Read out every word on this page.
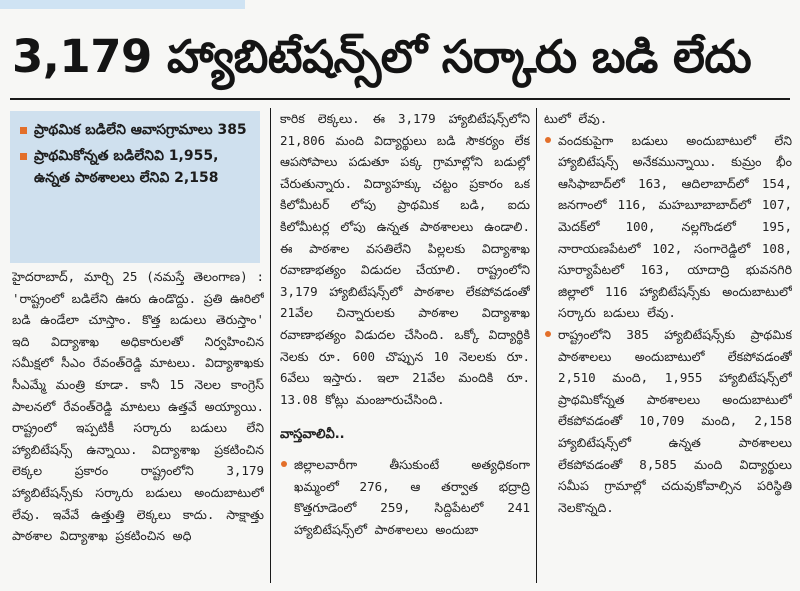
3,179 హ్యాబిటేషన్స్‌లో సర్కారు బడి లేదు
ప్రాథమిక బడిలేని ఆవాసగ్రామాలు 385
ప్రాథమికోన్నత బడిలేనివి 1,955, ఉన్నత పాఠశాలలు లేనివి 2,158

హైదరాబాద్, మార్చి 25 (నమస్తే తెలంగాణ) : 'రాష్ట్రంలో బడిలేని ఊరు ఉండొద్దు. ప్రతి ఊరిలో బడి ఉండేలా చూస్తాం. కొత్త బడులు తెరుస్తాం' ఇది విద్యాశాఖ అధికారులతో నిర్వహించిన సమీక్షలో సీఎం రేవంత్‌రెడ్డి మాటలు. విద్యాశాఖకు సీఎమ్మే మంత్రి కూడా. కానీ 15 నెలల కాంగ్రెస్ పాలనలో రేవంత్‌రెడ్డి మాటలు ఉత్తవే అయ్యాయి. రాష్ట్రంలో ఇప్పటికీ సర్కారు బడులు లేని హ్యాబిటేషన్స్ ఉన్నాయి. విద్యాశాఖ ప్రకటించిన లెక్కల ప్రకారం రాష్ట్రంలోని 3,179 హ్యాబిటేషన్స్‌కు సర్కారు బడులు అందుబాటులో లేవు. ఇవేవే ఉత్తుత్తి లెక్కలు కాదు. సాక్షాత్తు పాఠశాల విద్యాశాఖ ప్రకటించిన అధి

కారిక లెక్కలు. ఈ 3,179 హ్యాబిటేషన్స్‌లోని 21,806 మంది విద్యార్థులు బడి సౌకర్యం లేక ఆపసోపాలు పడుతూ పక్క గ్రామాల్లోని బడుల్లో చేరుతున్నారు. విద్యాహక్కు చట్టం ప్రకారం ఒక కిలోమీటర్ లోపు ప్రాథమిక బడి, ఐదు కిలోమీటర్ల లోపు ఉన్నత పాఠశాలలు ఉండాలి. ఈ పాఠశాల వసతిలేని పిల్లలకు విద్యాశాఖ రవాణాభత్యం విడుదల చేయాలి. రాష్ట్రంలోని 3,179 హ్యాబిటేషన్స్‌లో పాఠశాల లేకపోవడంతో 21వేల చిన్నారులకు పాఠశాల విద్యాశాఖ రవాణాభత్యం విడుదల చేసింది. ఒక్కో విద్యార్థికి నెలకు రూ. 600 చొప్పున 10 నెలలకు రూ. 6వేలు ఇస్తారు. ఇలా 21వేల మందికి రూ. 13.08 కోట్లు మంజూరుచేసింది.

వాస్తవాలివీ..

జిల్లాలవారీగా తీసుకుంటే అత్యధికంగా ఖమ్మంలో 276, ఆ తర్వాత భద్రాద్రి కొత్తగూడెంలో 259, సిద్దిపేటలో 241 హ్యాబిటేషన్స్‌లో పాఠశాలలు అందుబా

టులో లేవు.

వందకుపైగా బడులు అందుబాటులో లేని హ్యాబిటేషన్స్ అనేకమున్నాయి. కుమ్రం భీం ఆసిఫాబాద్‌లో 163, ఆదిలాబాద్‌లో 154, జనగాంలో 116, మహబూబాబాద్‌లో 107, మెదక్‌లో 100, నల్లగొండలో 195, నారాయణపేటలో 102, సంగారెడ్డిలో 108, సూర్యాపేటలో 163, యాదాద్రి భువనగిరి జిల్లాలో 116 హ్యాబిటేషన్స్‌కు అందుబాటులో సర్కారు బడులు లేవు.

రాష్ట్రంలోని 385 హ్యాబిటేషన్స్‌కు ప్రాథమిక పాఠశాలలు అందుబాటులో లేకపోవడంతో 2,510 మంది, 1,955 హ్యాబిటేషన్స్‌లో ప్రాథమికోన్నత పాఠశాలలు అందుబాటులో లేకపోవడంతో 10,709 మంది, 2,158 హ్యాబిటేషన్స్‌లో ఉన్నత పాఠశాలలు లేకపోవడంతో 8,585 మంది విద్యార్థులు సమీప గ్రామాల్లో చదువుకోవాల్సిన పరిస్థితి నెలకొన్నది.
